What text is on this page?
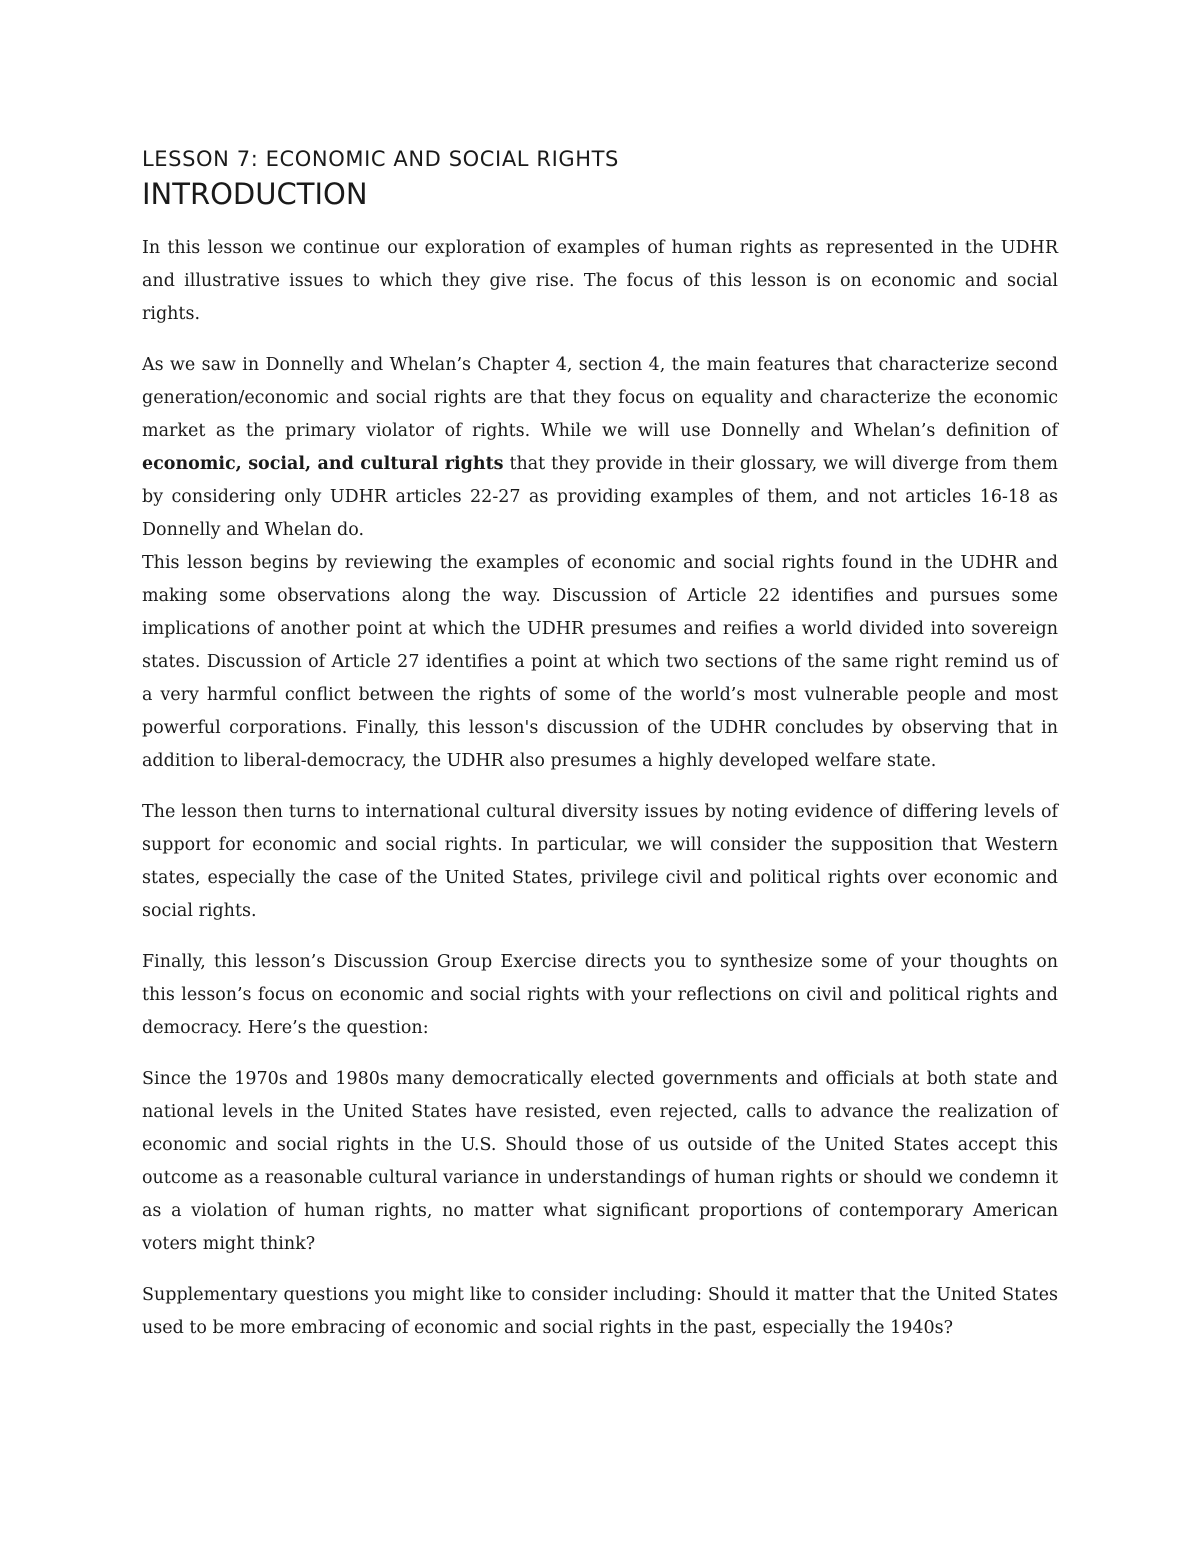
LESSON 7: ECONOMIC AND SOCIAL RIGHTS
INTRODUCTION

In this lesson we continue our exploration of examples of human rights as represented in the UDHR and illustrative issues to which they give rise. The focus of this lesson is on economic and social rights.

As we saw in Donnelly and Whelan’s Chapter 4, section 4, the main features that characterize second generation/economic and social rights are that they focus on equality and characterize the economic market as the primary violator of rights. While we will use Donnelly and Whelan’s definition of economic, social, and cultural rights that they provide in their glossary, we will diverge from them by considering only UDHR articles 22-27 as providing examples of them, and not articles 16-18 as Donnelly and Whelan do.

This lesson begins by reviewing the examples of economic and social rights found in the UDHR and making some observations along the way. Discussion of Article 22 identifies and pursues some implications of another point at which the UDHR presumes and reifies a world divided into sovereign states. Discussion of Article 27 identifies a point at which two sections of the same right remind us of a very harmful conflict between the rights of some of the world’s most vulnerable people and most powerful corporations. Finally, this lesson's discussion of the UDHR concludes by observing that in addition to liberal-democracy, the UDHR also presumes a highly developed welfare state.

The lesson then turns to international cultural diversity issues by noting evidence of differing levels of support for economic and social rights. In particular, we will consider the supposition that Western states, especially the case of the United States, privilege civil and political rights over economic and social rights.

Finally, this lesson’s Discussion Group Exercise directs you to synthesize some of your thoughts on this lesson’s focus on economic and social rights with your reflections on civil and political rights and democracy. Here’s the question:

Since the 1970s and 1980s many democratically elected governments and officials at both state and national levels in the United States have resisted, even rejected, calls to advance the realization of economic and social rights in the U.S. Should those of us outside of the United States accept this outcome as a reasonable cultural variance in understandings of human rights or should we condemn it as a violation of human rights, no matter what significant proportions of contemporary American voters might think?

Supplementary questions you might like to consider including: Should it matter that the United States used to be more embracing of economic and social rights in the past, especially the 1940s?
